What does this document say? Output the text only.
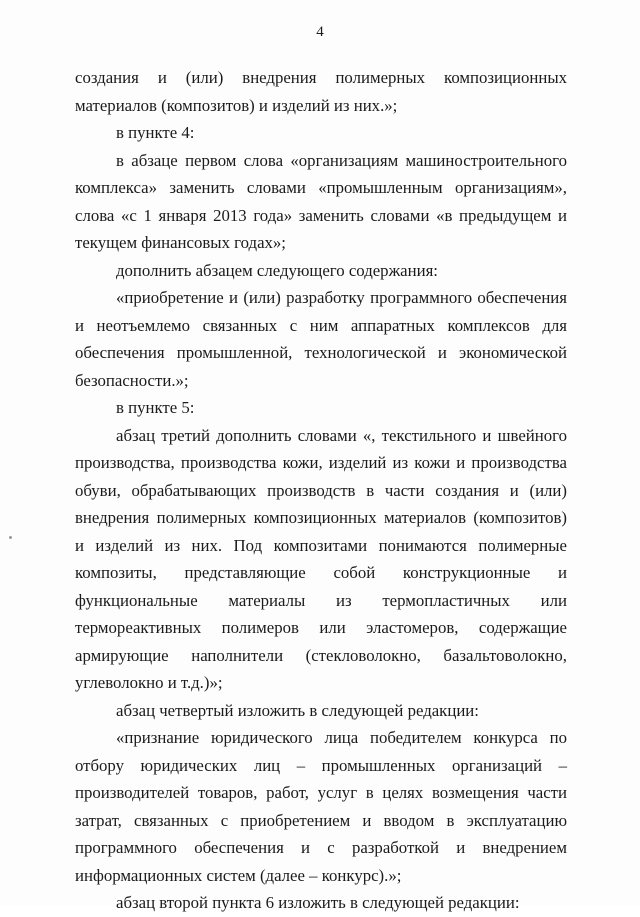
4

создания и (или) внедрения полимерных композиционных материалов (композитов) и изделий из них.»;

в пункте 4:

в абзаце первом слова «организациям машиностроительного комплекса» заменить словами «промышленным организациям», слова «с 1 января 2013 года» заменить словами «в предыдущем и текущем финансовых годах»;

дополнить абзацем следующего содержания:

«приобретение и (или) разработку программного обеспечения и неотъемлемо связанных с ним аппаратных комплексов для обеспечения промышленной, технологической и экономической безопасности.»;

в пункте 5:

абзац третий дополнить словами «, текстильного и швейного производства, производства кожи, изделий из кожи и производства обуви, обрабатывающих производств в части создания и (или) внедрения полимерных композиционных материалов (композитов) и изделий из них. Под композитами понимаются полимерные композиты, представляющие собой конструкционные и функциональные материалы из термопластичных или термореактивных полимеров или эластомеров, содержащие армирующие наполнители (стекловолокно, базальтоволокно, углеволокно и т.д.)»;

абзац четвертый изложить в следующей редакции:

«признание юридического лица победителем конкурса по отбору юридических лиц – промышленных организаций – производителей товаров, работ, услуг в целях возмещения части затрат, связанных с приобретением и вводом в эксплуатацию программного обеспечения и с разработкой и внедрением информационных систем (далее – конкурс).»;

абзац второй пункта 6 изложить в следующей редакции:
